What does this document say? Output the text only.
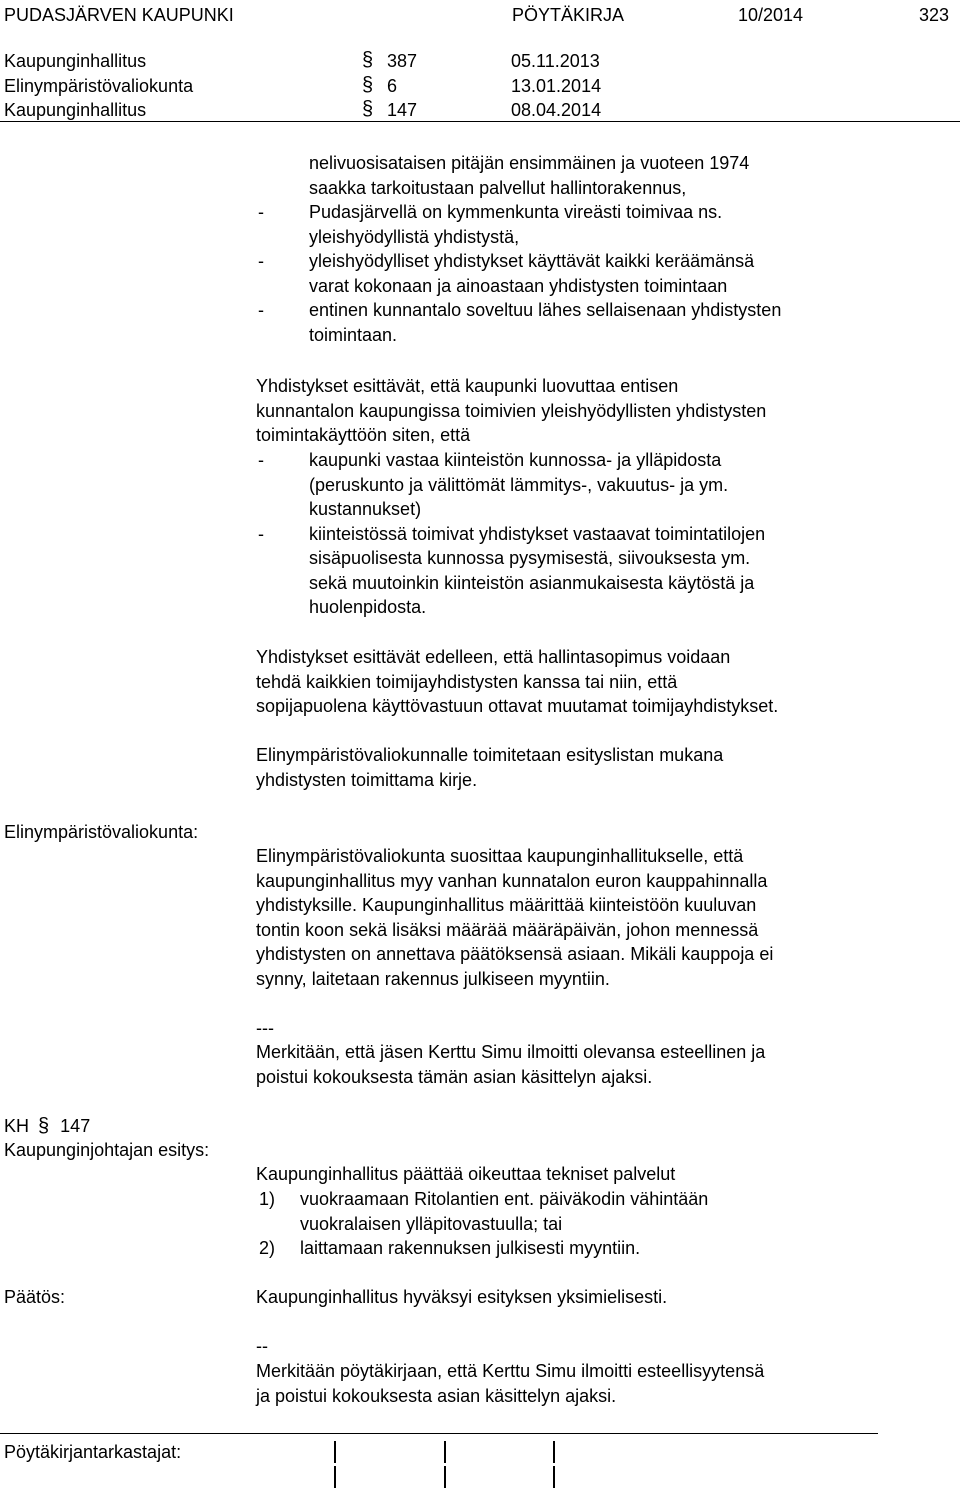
PUDASJÄRVEN KAUPUNKI	PÖYTÄKIRJA	10/2014	323
Kaupunginhallitus	§ 387	05.11.2013
Elinympäristövaliokunta	§ 6	13.01.2014
Kaupunginhallitus	§ 147	08.04.2014
nelivuosisataisen pitäjän ensimmäinen ja vuoteen 1974
saakka tarkoitustaan palvellut hallintorakennus,
-	Pudasjärvellä on kymmenkunta vireästi toimivaa ns.
yleishyödyllistä yhdistystä,
-	yleishyödylliset yhdistykset käyttävät kaikki keräämänsä
varat kokonaan ja ainoastaan yhdistysten toimintaan
-	entinen kunnantalo soveltuu lähes sellaisenaan yhdistysten
toimintaan.
Yhdistykset esittävät, että kaupunki luovuttaa entisen
kunnantalon kaupungissa toimivien yleishyödyllisten yhdistysten
toimintakäyttöön siten, että
-	kaupunki vastaa kiinteistön kunnossa- ja ylläpidosta
(peruskunto ja välittömät lämmitys-, vakuutus- ja ym.
kustannukset)
-	kiinteistössä toimivat yhdistykset vastaavat toimintatilojen
sisäpuolisesta kunnossa pysymisestä, siivouksesta ym.
sekä muutoinkin kiinteistön asianmukaisesta käytöstä ja
huolenpidosta.
Yhdistykset esittävät edelleen, että hallintasopimus voidaan
tehdä kaikkien toimijayhdistysten kanssa tai niin, että
sopijapuolena käyttövastuun ottavat muutamat toimijayhdistykset.
Elinympäristövaliokunnalle toimitetaan esityslistan mukana
yhdistysten toimittama kirje.
Elinympäristövaliokunta:
Elinympäristövaliokunta suosittaa kaupunginhallitukselle, että
kaupunginhallitus myy vanhan kunnatalon euron kauppahinnalla
yhdistyksille. Kaupunginhallitus määrittää kiinteistöön kuuluvan
tontin koon sekä lisäksi määrää määräpäivän, johon mennessä
yhdistysten on annettava päätöksensä asiaan. Mikäli kauppoja ei
synny, laitetaan rakennus julkiseen myyntiin.
---
Merkitään, että jäsen Kerttu Simu ilmoitti olevansa esteellinen ja
poistui kokouksesta tämän asian käsittelyn ajaksi.
KH § 147
Kaupunginjohtajan esitys:
Kaupunginhallitus päättää oikeuttaa tekniset palvelut
1) vuokraamaan Ritolantien ent. päiväkodin vähintään
vuokralaisen ylläpitovastuulla; tai
2) laittamaan rakennuksen julkisesti myyntiin.
Päätös:	Kaupunginhallitus hyväksyi esityksen yksimielisesti.
--
Merkitään pöytäkirjaan, että Kerttu Simu ilmoitti esteellisyytensä
ja poistui kokouksesta asian käsittelyn ajaksi.
Pöytäkirjantarkastajat:
